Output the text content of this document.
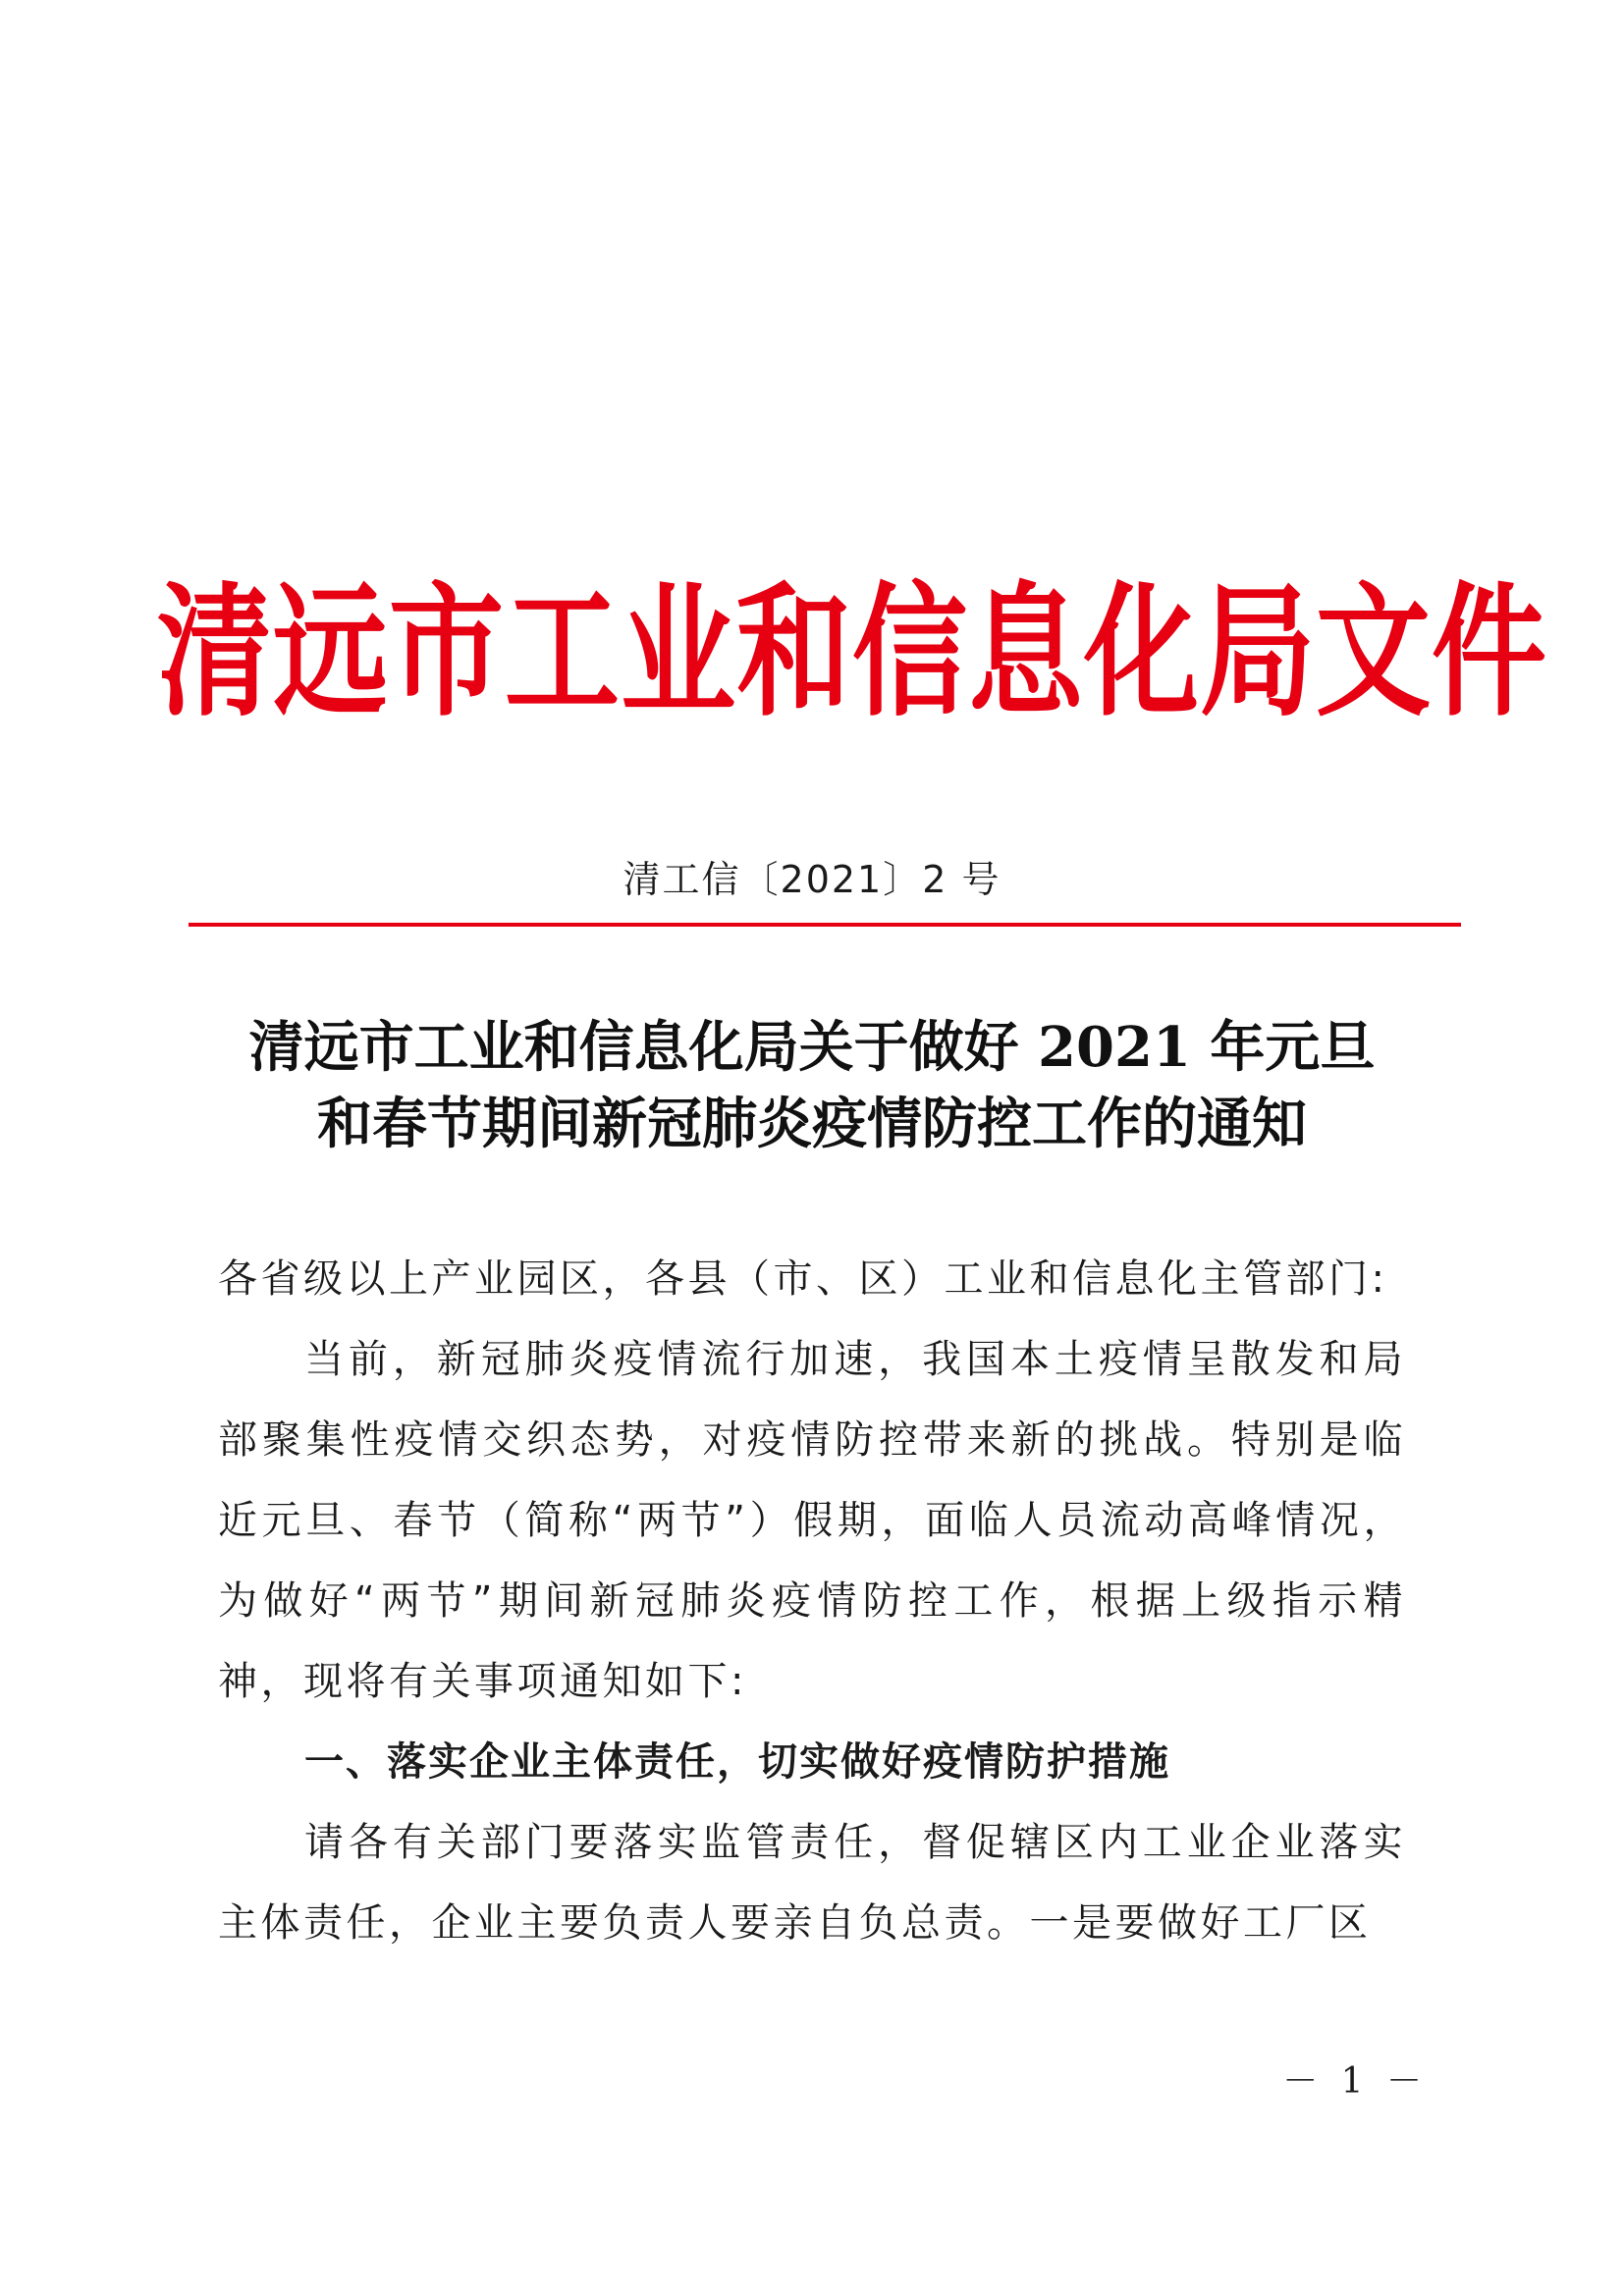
清远市工业和信息化局文件
清工信〔2021〕2 号
清远市工业和信息化局关于做好 2021 年元旦
和春节期间新冠肺炎疫情防控工作的通知

各省级以上产业园区，各县（市、区）工业和信息化主管部门:

当前，新冠肺炎疫情流行加速，我国本土疫情呈散发和局部聚集性疫情交织态势，对疫情防控带来新的挑战。特别是临近元旦、春节（简称“两节”）假期，面临人员流动高峰情况，为做好“两节”期间新冠肺炎疫情防控工作，根据上级指示精神，现将有关事项通知如下:

一、落实企业主体责任，切实做好疫情防护措施

请各有关部门要落实监管责任，督促辖区内工业企业落实主体责任，企业主要负责人要亲自负总责。一是要做好工厂区

－ 1 －
